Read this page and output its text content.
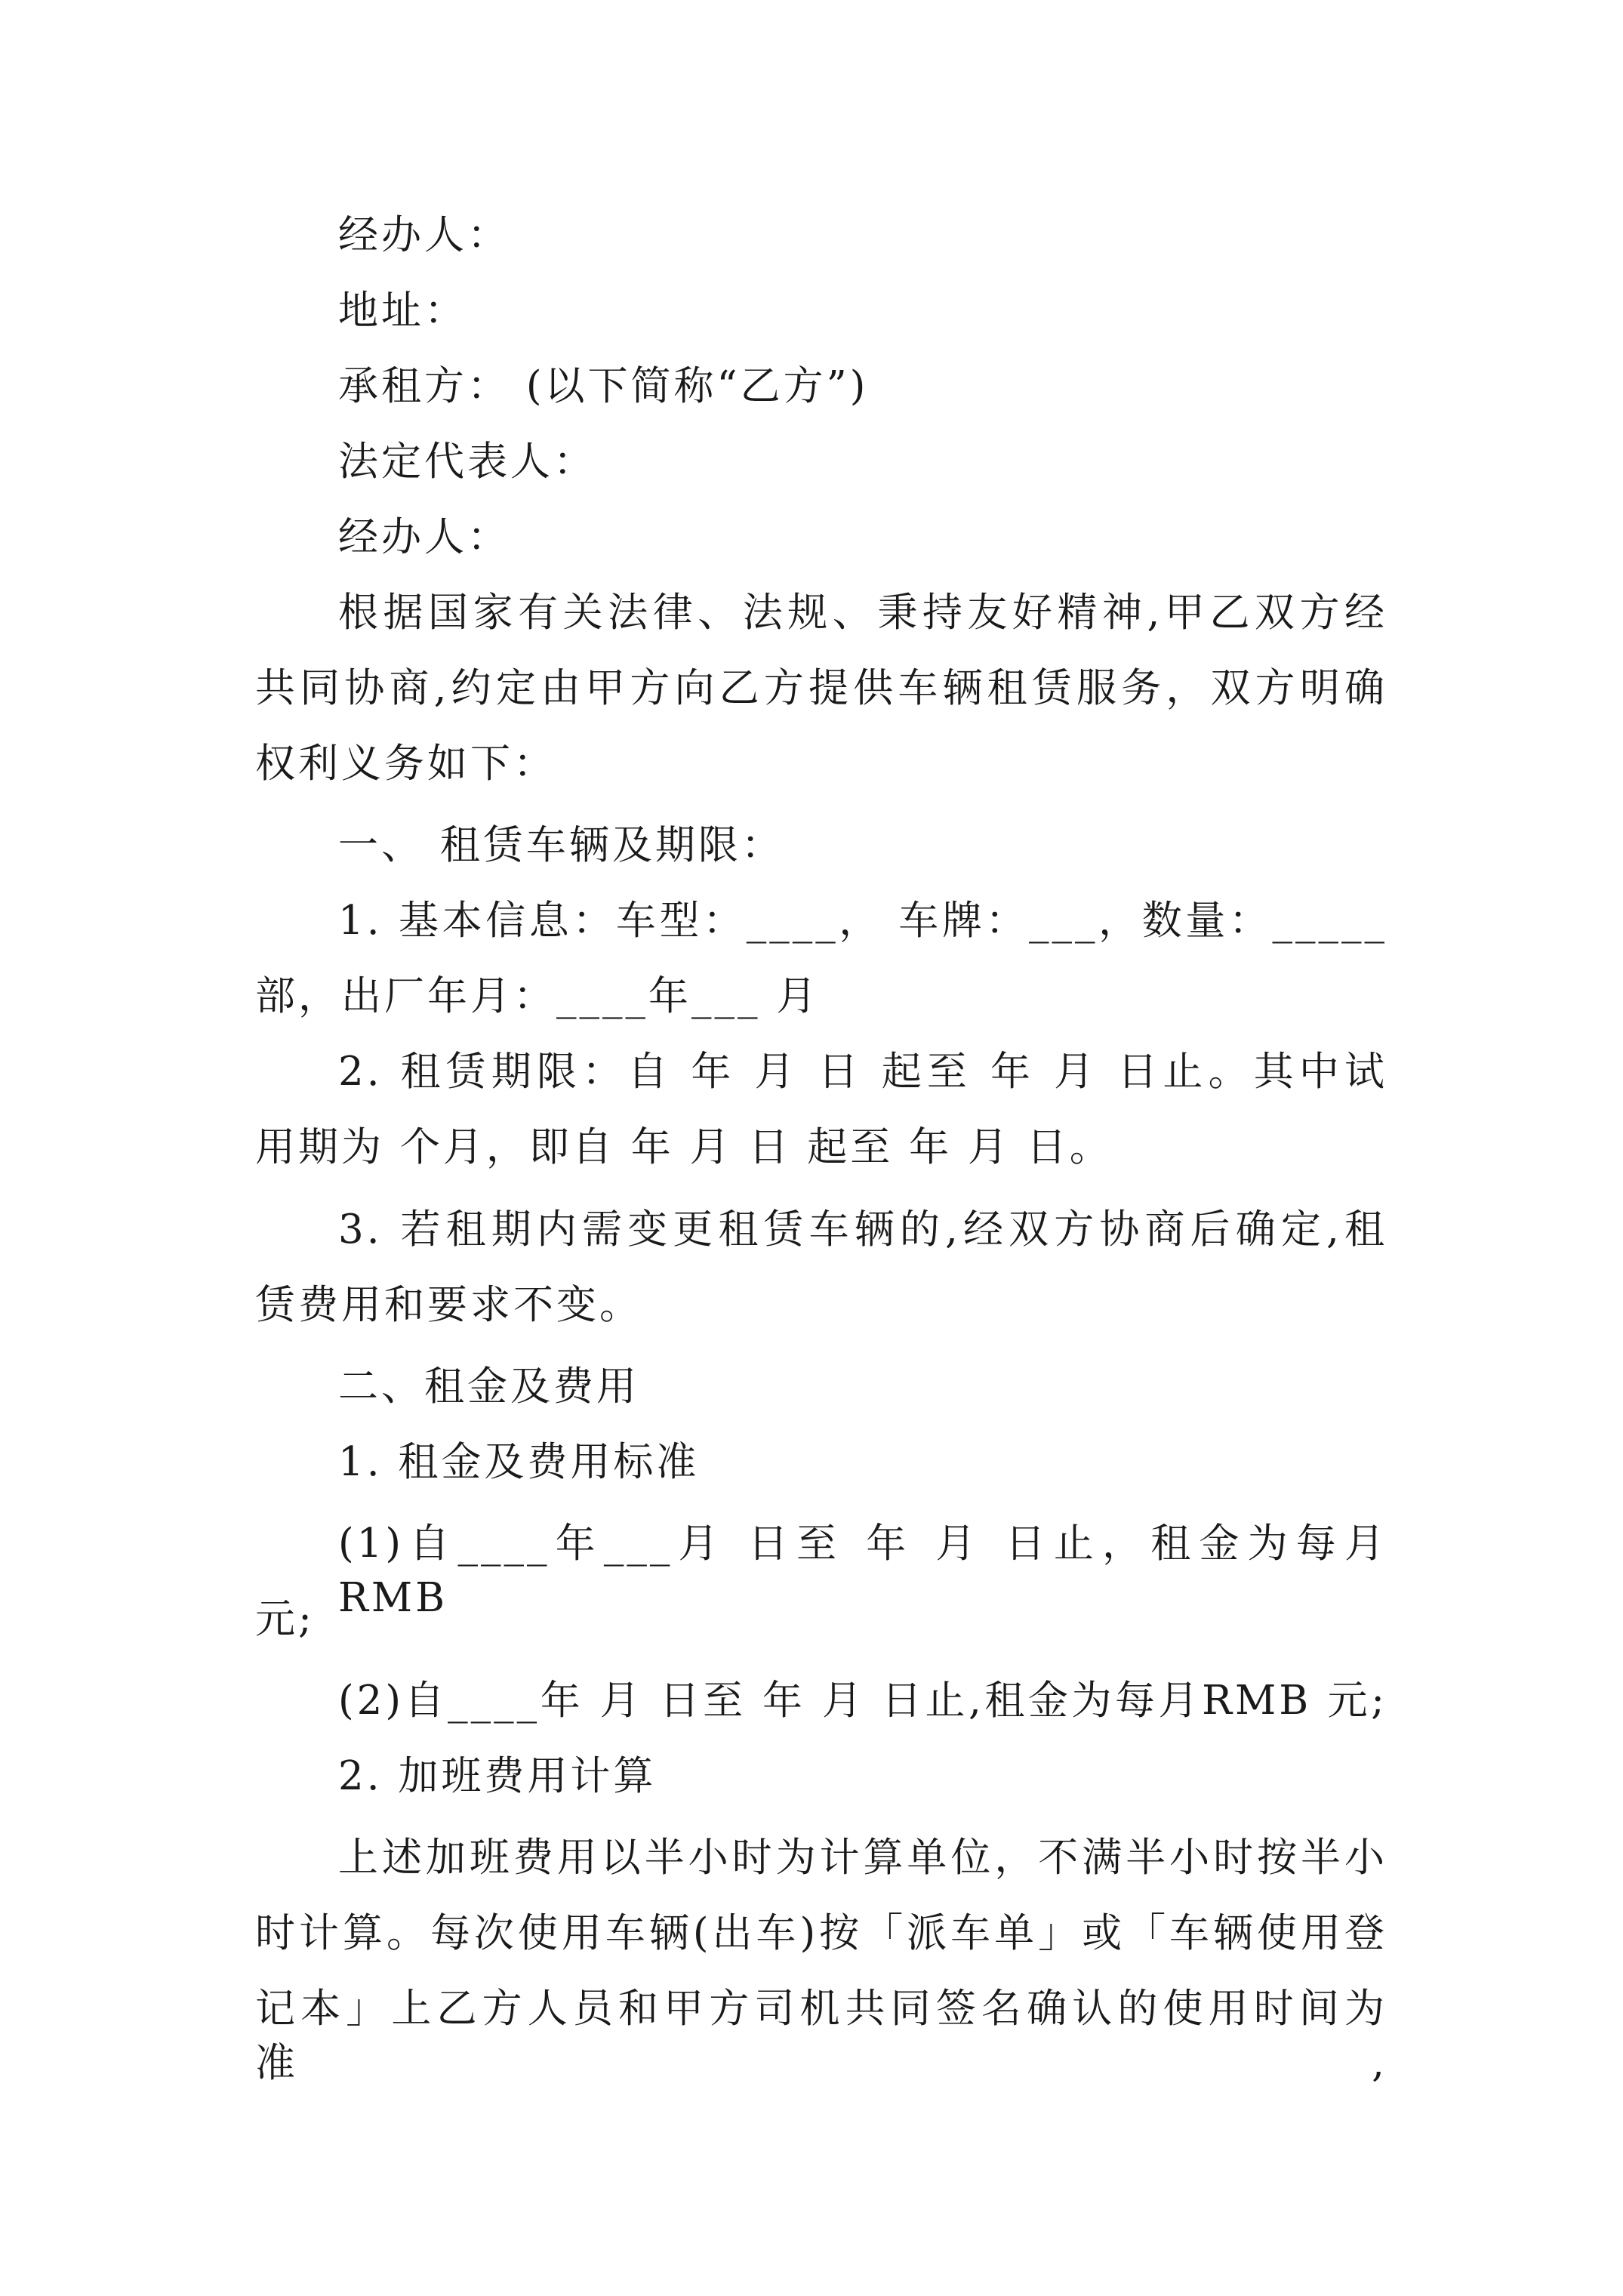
经办人：
地址：
承租方： (以下简称“乙方”)
法定代表人：
经办人：
根据国家有关法律、法规、秉持友好精神,甲乙双方经
共同协商,约定由甲方向乙方提供车辆租赁服务，双方明确
权利义务如下：
一、 租赁车辆及期限：
1. 基本信息：车型：____， 车牌：___，数量：_____
部，出厂年月：____年___ 月
2. 租赁期限：自 年 月 日 起至 年 月 日止。其中试
用期为 个月，即自 年 月 日 起至 年 月 日。
3. 若租期内需变更租赁车辆的,经双方协商后确定,租
赁费用和要求不变。
二、租金及费用
1. 租金及费用标准
(1)自____年___月 日至 年 月 日止，租金为每月 RMB
元;
(2)自____年 月 日至 年 月 日止,租金为每月RMB 元;
2. 加班费用计算
上述加班费用以半小时为计算单位，不满半小时按半小
时计算。每次使用车辆(出车)按「派车单」或「车辆使用登
记本」上乙方人员和甲方司机共同签名确认的使用时间为准,
